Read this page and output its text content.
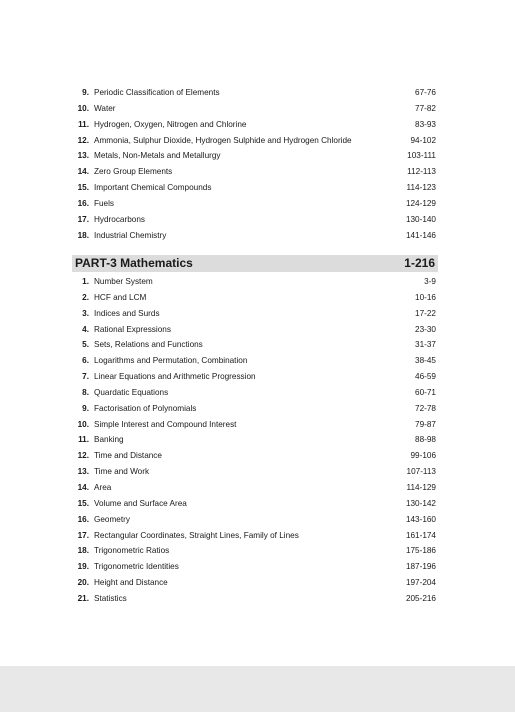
9. Periodic Classification of Elements	67-76
10. Water	77-82
11. Hydrogen, Oxygen, Nitrogen and Chlorine	83-93
12. Ammonia, Sulphur Dioxide, Hydrogen Sulphide and Hydrogen Chloride	94-102
13. Metals, Non-Metals and Metallurgy	103-111
14. Zero Group Elements	112-113
15. Important Chemical Compounds	114-123
16. Fuels	124-129
17. Hydrocarbons	130-140
18. Industrial Chemistry	141-146
PART-3 Mathematics	1-216
1. Number System	3-9
2. HCF and LCM	10-16
3. Indices and Surds	17-22
4. Rational Expressions	23-30
5. Sets, Relations and Functions	31-37
6. Logarithms and Permutation, Combination	38-45
7. Linear Equations and Arithmetic Progression	46-59
8. Quardatic Equations	60-71
9. Factorisation of Polynomials	72-78
10. Simple Interest and Compound Interest	79-87
11. Banking	88-98
12. Time and Distance	99-106
13. Time and Work	107-113
14. Area	114-129
15. Volume and Surface Area	130-142
16. Geometry	143-160
17. Rectangular Coordinates, Straight Lines, Family of Lines	161-174
18. Trigonometric Ratios	175-186
19. Trigonometric Identities	187-196
20. Height and Distance	197-204
21. Statistics	205-216
